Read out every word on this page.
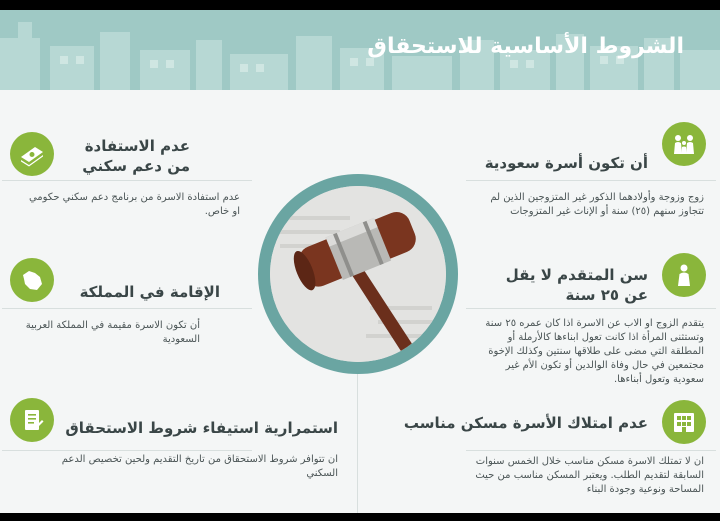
الشروط الأساسية للاستحقاق
أن تكون أسرة سعودية
زوج وزوجة وأولادهما الذكور غير المتزوجين الذين لم تتجاوز سنهم (٢٥) سنة أو الإناث غير المتزوجات
سن المتقدم لا يقل عن ٢٥ سنة
يتقدم الزوج او الاب عن الاسرة اذا كان عمره ٢٥ سنة وتستثنى المرأة اذا كانت تعول ابناءها كالأرملة أو المطلقة التي مضى على طلاقها سنتين وكذلك الإخوة مجتمعين في حال وفاة الوالدين أو تكون الأم غير سعودية وتعول أبناءها.
عدم امتلاك الأسرة مسكن مناسب
ان لا تمتلك الاسرة مسكن مناسب خلال الخمس سنوات السابقة لتقديم الطلب. ويعتبر المسكن مناسب من حيث المساحة ونوعية وجودة البناء
عدم الاستفادة من دعم سكني
عدم استفادة الاسرة من برنامج دعم سكني حكومي او خاص.
الإقامة في المملكة
أن تكون الاسرة مقيمة في المملكة العربية السعودية
استمرارية استيفاء شروط الاستحقاق
ان تتوافر شروط الاستحقاق من تاريخ التقديم ولحين تخصيص الدعم السكني
